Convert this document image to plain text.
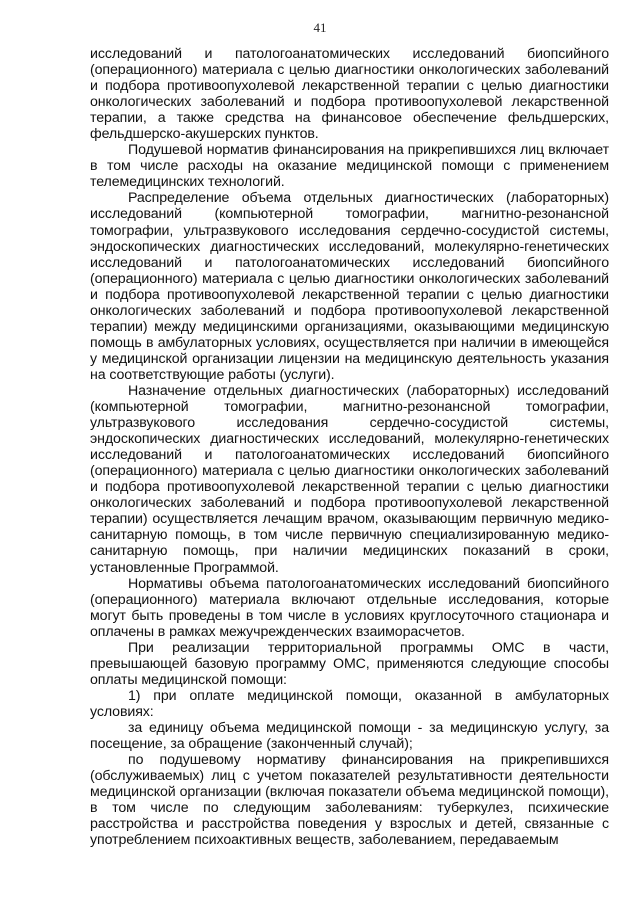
41

исследований и патологоанатомических исследований биопсийного (операционного) материала с целью диагностики онкологических заболеваний и подбора противоопухолевой лекарственной терапии с целью диагностики онкологических заболеваний и подбора противоопухолевой лекарственной терапии, а также средства на финансовое обеспечение фельдшерских, фельдшерско-акушерских пунктов.

Подушевой норматив финансирования на прикрепившихся лиц включает в том числе расходы на оказание медицинской помощи с применением телемедицинских технологий.

Распределение объема отдельных диагностических (лабораторных) исследований (компьютерной томографии, магнитно-резонансной томографии, ультразвукового исследования сердечно-сосудистой системы, эндоскопических диагностических исследований, молекулярно-генетических исследований и патологоанатомических исследований биопсийного (операционного) материала с целью диагностики онкологических заболеваний и подбора противоопухолевой лекарственной терапии с целью диагностики онкологических заболеваний и подбора противоопухолевой лекарственной терапии) между медицинскими организациями, оказывающими медицинскую помощь в амбулаторных условиях, осуществляется при наличии в имеющейся у медицинской организации лицензии на медицинскую деятельность указания на соответствующие работы (услуги).

Назначение отдельных диагностических (лабораторных) исследований (компьютерной томографии, магнитно-резонансной томографии, ультразвукового исследования сердечно-сосудистой системы, эндоскопических диагностических исследований, молекулярно-генетических исследований и патологоанатомических исследований биопсийного (операционного) материала с целью диагностики онкологических заболеваний и подбора противоопухолевой лекарственной терапии с целью диагностики онкологических заболеваний и подбора противоопухолевой лекарственной терапии) осуществляется лечащим врачом, оказывающим первичную медико-санитарную помощь, в том числе первичную специализированную медико-санитарную помощь, при наличии медицинских показаний в сроки, установленные Программой.

Нормативы объема патологоанатомических исследований биопсийного (операционного) материала включают отдельные исследования, которые могут быть проведены в том числе в условиях круглосуточного стационара и оплачены в рамках межучрежденческих взаиморасчетов.

При реализации территориальной программы ОМС в части, превышающей базовую программу ОМС, применяются следующие способы оплаты медицинской помощи:

1) при оплате медицинской помощи, оказанной в амбулаторных условиях:

за единицу объема медицинской помощи - за медицинскую услугу, за посещение, за обращение (законченный случай);

по подушевому нормативу финансирования на прикрепившихся (обслуживаемых) лиц с учетом показателей результативности деятельности медицинской организации (включая показатели объема медицинской помощи), в том числе по следующим заболеваниям: туберкулез, психические расстройства и расстройства поведения у взрослых и детей, связанные с употреблением психоактивных веществ, заболеванием, передаваемым
